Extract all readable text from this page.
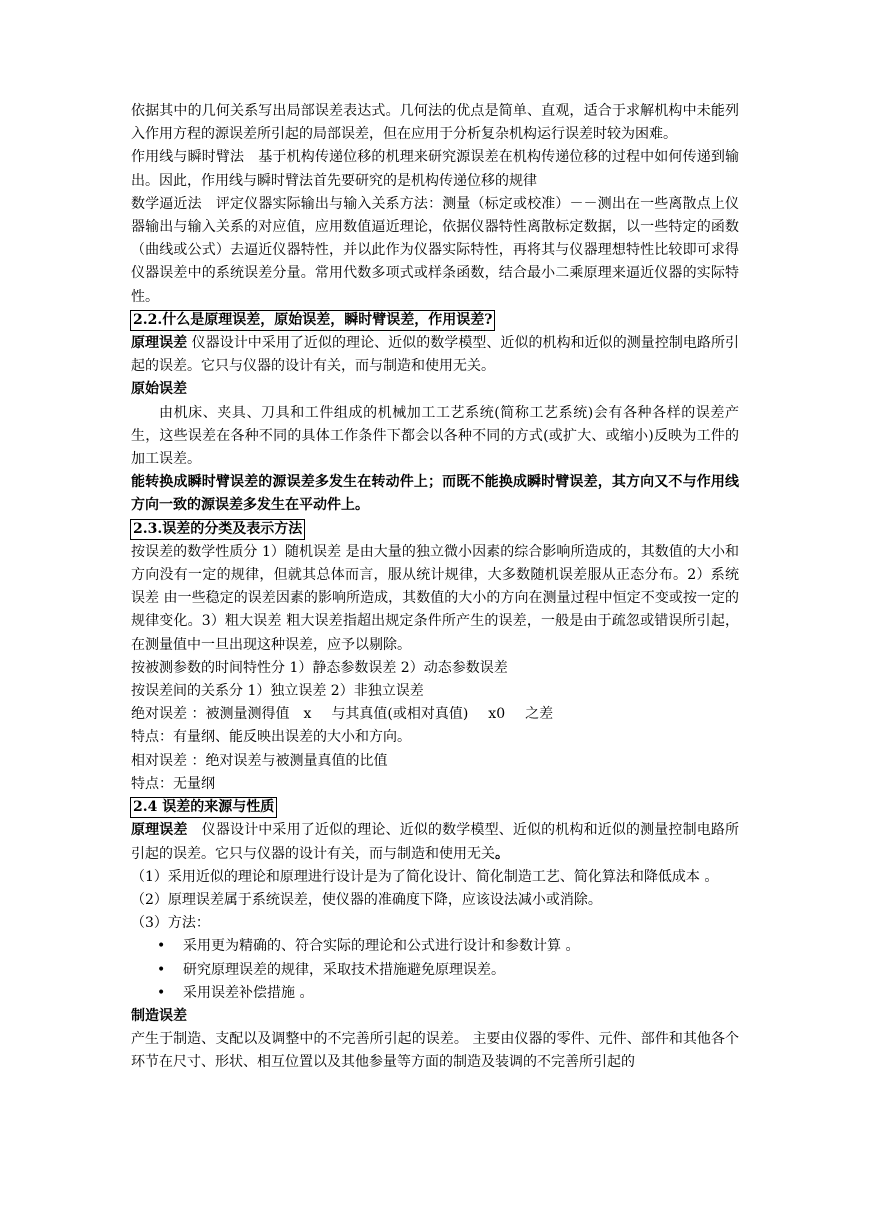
依据其中的几何关系写出局部误差表达式。几何法的优点是简单、直观，适合于求解机构中未能列入作用方程的源误差所引起的局部误差，但在应用于分析复杂机构运行误差时较为困难。

作用线与瞬时臂法　基于机构传递位移的机理来研究源误差在机构传递位移的过程中如何传递到输出。因此，作用线与瞬时臂法首先要研究的是机构传递位移的规律

数学逼近法　评定仪器实际输出与输入关系方法：测量（标定或校准）－－测出在一些离散点上仪器输出与输入关系的对应值，应用数值逼近理论，依据仪器特性离散标定数据，以一些特定的函数（曲线或公式）去逼近仪器特性，并以此作为仪器实际特性，再将其与仪器理想特性比较即可求得仪器误差中的系统误差分量。常用代数多项式或样条函数，结合最小二乘原理来逼近仪器的实际特性。

2.2.什么是原理误差，原始误差，瞬时臂误差，作用误差?

原理误差 仪器设计中采用了近似的理论、近似的数学模型、近似的机构和近似的测量控制电路所引起的误差。它只与仪器的设计有关，而与制造和使用无关。

原始误差

由机床、夹具、刀具和工件组成的机械加工工艺系统(简称工艺系统)会有各种各样的误差产生，这些误差在各种不同的具体工作条件下都会以各种不同的方式(或扩大、或缩小)反映为工件的加工误差。

能转换成瞬时臂误差的源误差多发生在转动件上；而既不能换成瞬时臂误差，其方向又不与作用线方向一致的源误差多发生在平动件上。

2.3.误差的分类及表示方法

按误差的数学性质分 1）随机误差 是由大量的独立微小因素的综合影响所造成的，其数值的大小和方向没有一定的规律，但就其总体而言，服从统计规律，大多数随机误差服从正态分布。2）系统误差 由一些稳定的误差因素的影响所造成，其数值的大小的方向在测量过程中恒定不变或按一定的规律变化。3）粗大误差 粗大误差指超出规定条件所产生的误差，一般是由于疏忽或错误所引起，在测量值中一旦出现这种误差，应予以剔除。

按被测参数的时间特性分 1）静态参数误差 2）动态参数误差

按误差间的关系分 1）独立误差 2）非独立误差

绝对误差 ：被测量测得值 x 与其真值(或相对真值) x0 之差

特点：有量纲、能反映出误差的大小和方向。

相对误差 ：绝对误差与被测量真值的比值

特点：无量纲

2.4 误差的来源与性质

原理误差　仪器设计中采用了近似的理论、近似的数学模型、近似的机构和近似的测量控制电路所引起的误差。它只与仪器的设计有关，而与制造和使用无关。

（1）采用近似的理论和原理进行设计是为了简化设计、简化制造工艺、简化算法和降低成本 。

（2）原理误差属于系统误差，使仪器的准确度下降，应该设法减小或消除。

（3）方法：

• 采用更为精确的、符合实际的理论和公式进行设计和参数计算 。
• 研究原理误差的规律，采取技术措施避免原理误差。
• 采用误差补偿措施 。

制造误差

产生于制造、支配以及调整中的不完善所引起的误差。 主要由仪器的零件、元件、部件和其他各个环节在尺寸、形状、相互位置以及其他参量等方面的制造及装调的不完善所引起的
